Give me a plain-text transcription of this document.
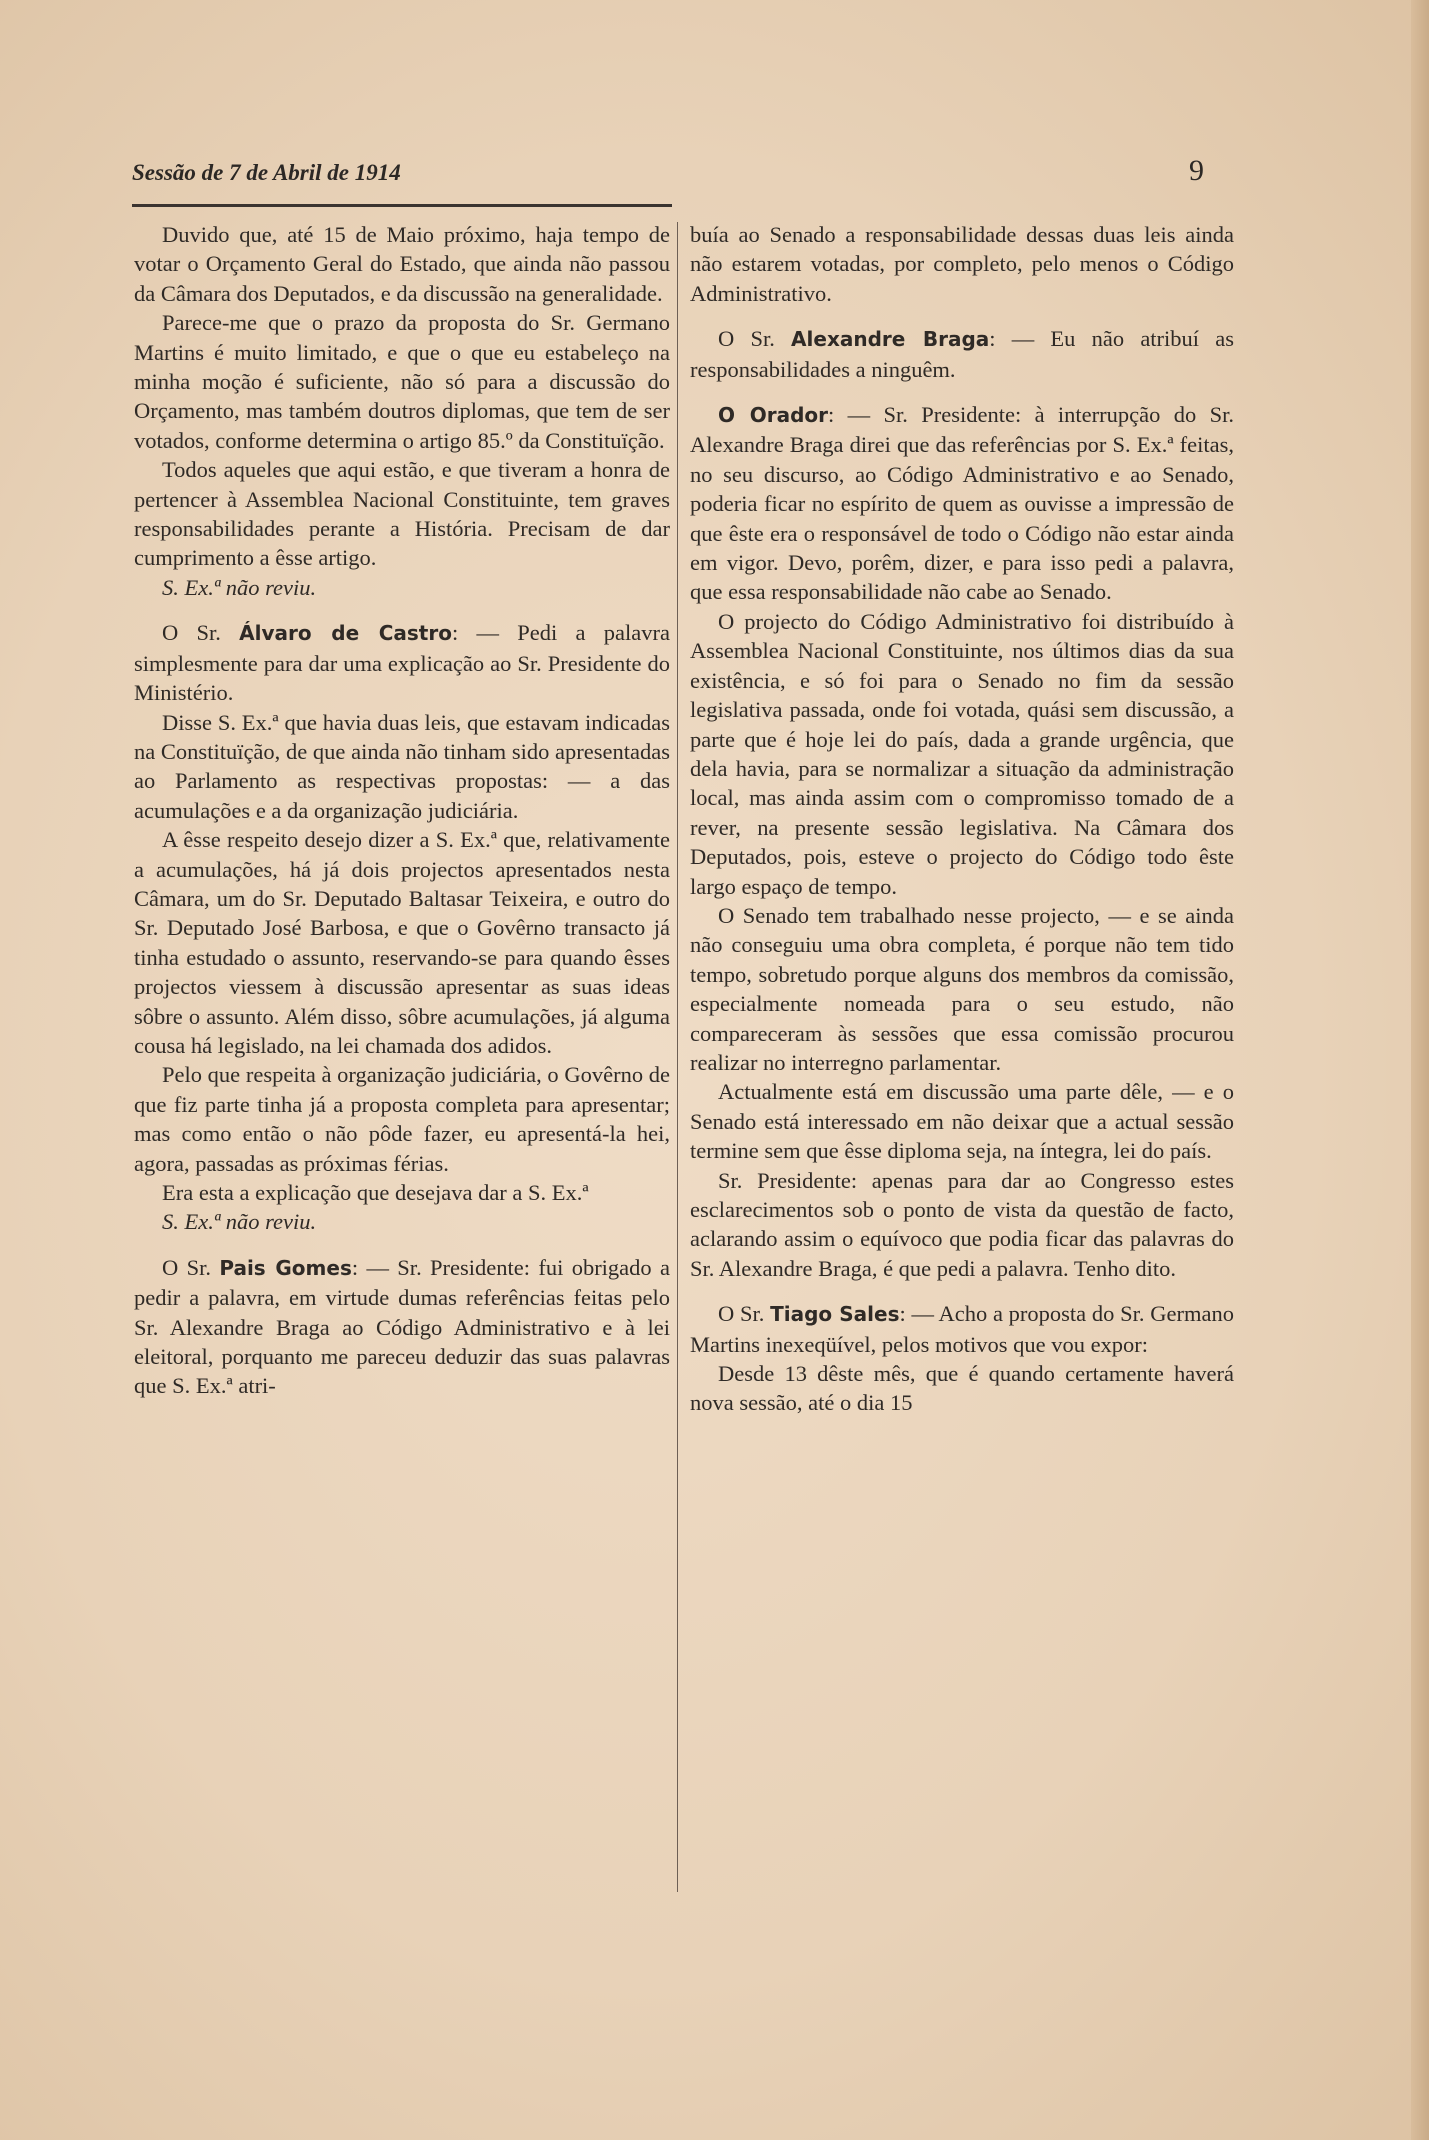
Sessão de 7 de Abril de 1914	9

Duvido que, até 15 de Maio próximo, haja tempo de votar o Orçamento Geral do Estado, que ainda não passou da Câmara dos Deputados, e da discussão na generalidade.

Parece-me que o prazo da proposta do Sr. Germano Martins é muito limitado, e que o que eu estabeleço na minha moção é suficiente, não só para a discussão do Orçamento, mas também doutros diplomas, que tem de ser votados, conforme determina o artigo 85.º da Constituïção.

Todos aqueles que aqui estão, e que tiveram a honra de pertencer à Assemblea Nacional Constituinte, tem graves responsabilidades perante a História. Precisam de dar cumprimento a êsse artigo.

S. Ex.ª não reviu.

O Sr. Álvaro de Castro: — Pedi a palavra simplesmente para dar uma explicação ao Sr. Presidente do Ministério.

Disse S. Ex.ª que havia duas leis, que estavam indicadas na Constituïção, de que ainda não tinham sido apresentadas ao Parlamento as respectivas propostas: — a das acumulações e a da organização judiciária.

A êsse respeito desejo dizer a S. Ex.ª que, relativamente a acumulações, há já dois projectos apresentados nesta Câmara, um do Sr. Deputado Baltasar Teixeira, e outro do Sr. Deputado José Barbosa, e que o Govêrno transacto já tinha estudado o assunto, reservando-se para quando êsses projectos viessem à discussão apresentar as suas ideas sôbre o assunto. Além disso, sôbre acumulações, já alguma cousa há legislado, na lei chamada dos adidos.

Pelo que respeita à organização judiciária, o Govêrno de que fiz parte tinha já a proposta completa para apresentar; mas como então o não pôde fazer, eu apresentá-la hei, agora, passadas as próximas férias.

Era esta a explicação que desejava dar a S. Ex.ª

S. Ex.ª não reviu.

O Sr. Pais Gomes: — Sr. Presidente: fui obrigado a pedir a palavra, em virtude dumas referências feitas pelo Sr. Alexandre Braga ao Código Administrativo e à lei eleitoral, porquanto me pareceu deduzir das suas palavras que S. Ex.ª atri-

buía ao Senado a responsabilidade dessas duas leis ainda não estarem votadas, por completo, pelo menos o Código Administrativo.

O Sr. Alexandre Braga: — Eu não atribuí as responsabilidades a ninguêm.

O Orador: — Sr. Presidente: à interrupção do Sr. Alexandre Braga direi que das referências por S. Ex.ª feitas, no seu discurso, ao Código Administrativo e ao Senado, poderia ficar no espírito de quem as ouvisse a impressão de que êste era o responsável de todo o Código não estar ainda em vigor. Devo, porêm, dizer, e para isso pedi a palavra, que essa responsabilidade não cabe ao Senado.

O projecto do Código Administrativo foi distribuído à Assemblea Nacional Constituinte, nos últimos dias da sua existência, e só foi para o Senado no fim da sessão legislativa passada, onde foi votada, quási sem discussão, a parte que é hoje lei do país, dada a grande urgência, que dela havia, para se normalizar a situação da administração local, mas ainda assim com o compromisso tomado de a rever, na presente sessão legislativa. Na Câmara dos Deputados, pois, esteve o projecto do Código todo êste largo espaço de tempo.

O Senado tem trabalhado nesse projecto, — e se ainda não conseguiu uma obra completa, é porque não tem tido tempo, sobretudo porque alguns dos membros da comissão, especialmente nomeada para o seu estudo, não compareceram às sessões que essa comissão procurou realizar no interregno parlamentar.

Actualmente está em discussão uma parte dêle, — e o Senado está interessado em não deixar que a actual sessão termine sem que êsse diploma seja, na íntegra, lei do país.

Sr. Presidente: apenas para dar ao Congresso estes esclarecimentos sob o ponto de vista da questão de facto, aclarando assim o equívoco que podia ficar das palavras do Sr. Alexandre Braga, é que pedi a palavra. Tenho dito.

O Sr. Tiago Sales: — Acho a proposta do Sr. Germano Martins inexeqüível, pelos motivos que vou expor:

Desde 13 dêste mês, que é quando certamente haverá nova sessão, até o dia 15
